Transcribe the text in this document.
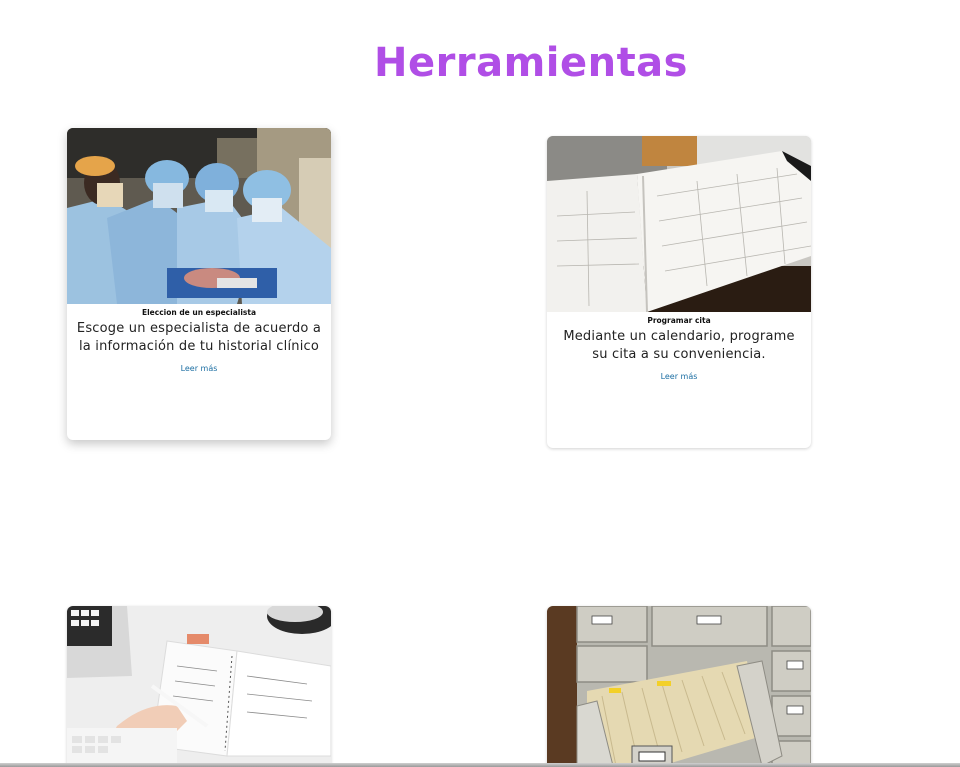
Herramientas

Eleccion de un especialista

Escoge un especialista de acuerdo a la información de tu historial clínico

Leer más

Programar cita

Mediante un calendario, programe su cita a su conveniencia.

Leer más
